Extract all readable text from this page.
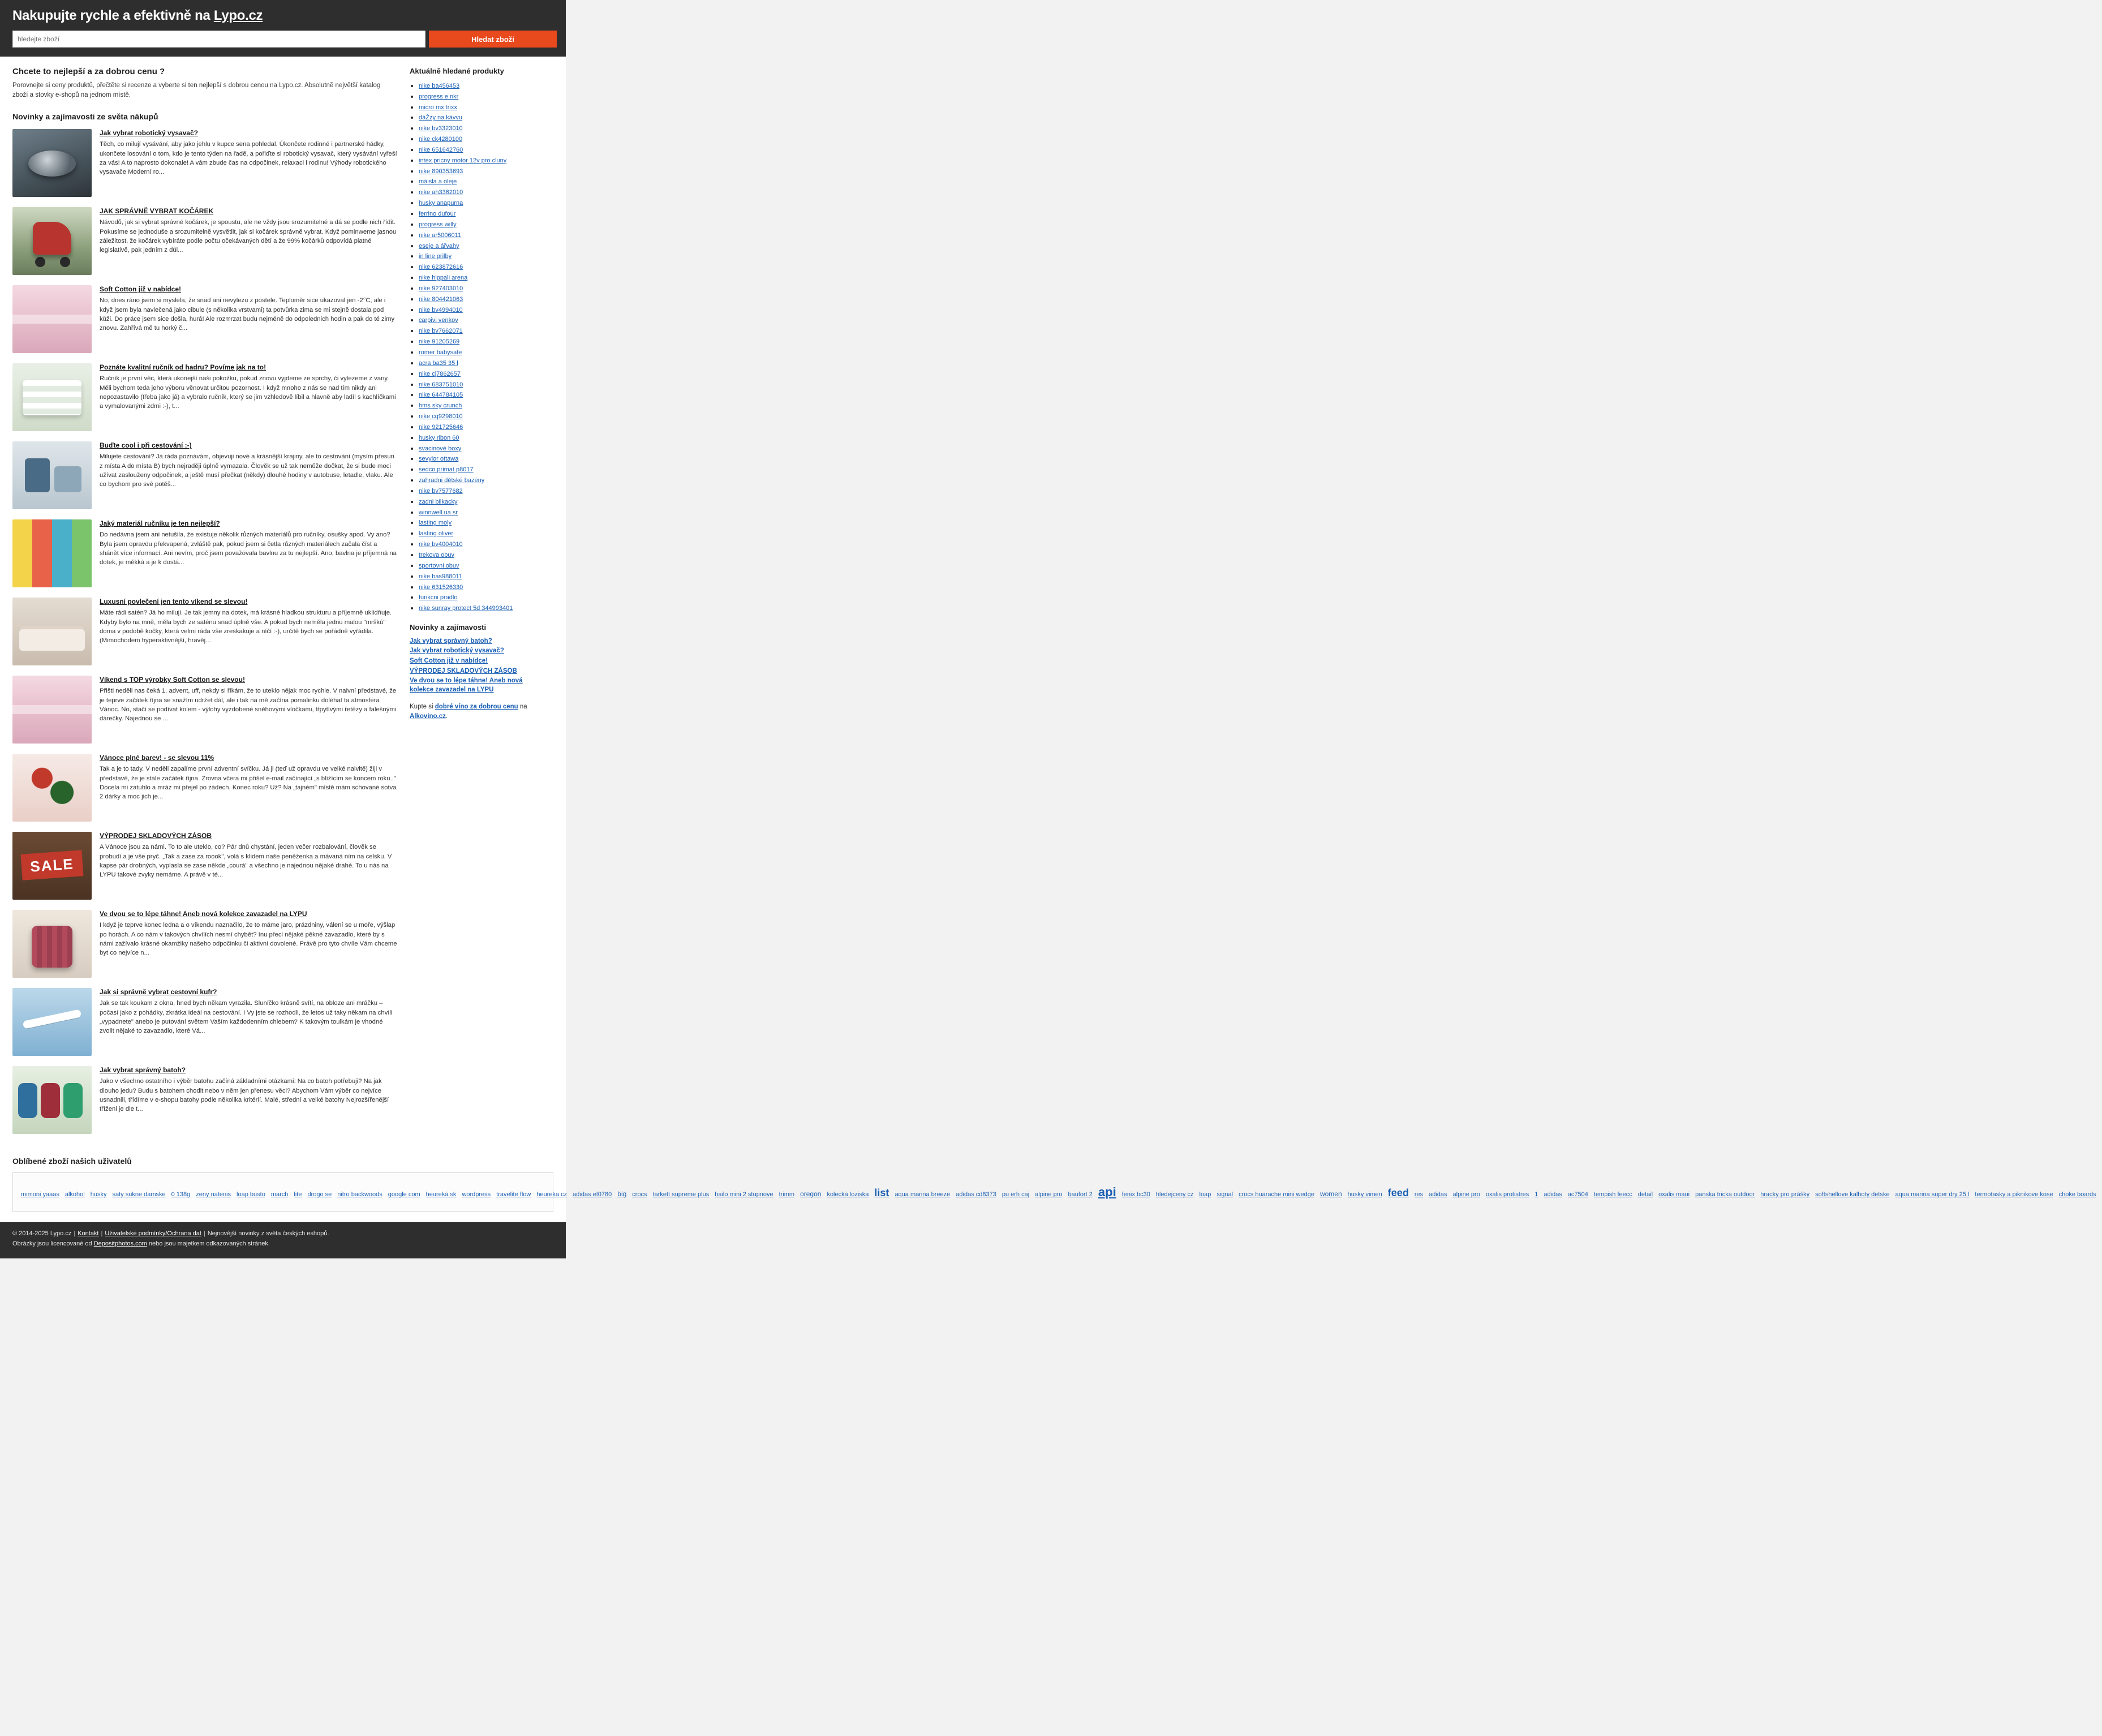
Nakupujte rychle a efektivně na Lypo.cz
hledejte zboží
Hledat zboží
Chcete to nejlepší a za dobrou cenu ?

Porovnejte si ceny produktů, přečtěte si recenze a vyberte si ten nejlepší s dobrou cenou na Lypo.cz. Absolutně největší katalog zboží a stovky e-shopů na jednom místě.

Novinky a zajímavosti ze světa nákupů
Jak vybrat robotický vysavač?

Těch, co milují vysávání, aby jako jehlu v kupce sena pohledal. Úkončete rodinné i partnerské hádky, ukončete losování o tom, kdo je tento týden na řadě, a pořiďte si robotický vysavač, který vysávání vyřeší za vás! A to naprosto dokonale! A vám zbude čas na odpočinek, relaxaci i rodinu! Výhody robotického vysavače Moderní ro...

JAK SPRÁVNĚ VYBRAT KOČÁREK

Návodů, jak si vybrat správné kočárek, je spoustu, ale ne vždy jsou srozumitelné a dá se podle nich řídit. Pokusíme se jednoduše a srozumitelně vysvětlit, jak si kočárek správně vybrat. Když pominweme jasnou záležitost, že kočárek vybíráte podle počtu očekávaných dětí a že 99% kočárků odpovídá platné legislativě, pak jedním z důl...

Soft Cotton již v nabídce!

No, dnes ráno jsem si myslela, že snad ani nevylezu z postele. Teploměr sice ukazoval jen -2°C, ale i když jsem byla navlečená jako cibule (s několika vrstvami) ta potvůrka zima se mi stejně dostala pod kůži. Do práce jsem sice došla, hurá! Ale rozmrzat budu nejméně do odpolednich hodin a pak do té zimy znovu. Zahřívá mě tu horký č...

Poznáte kvalitní ručník od hadru? Povíme jak na to!

Ručník je první věc, která ukonejší naši pokožku, pokud znovu vyjdeme ze sprchy, či vylezeme z vany. Měli bychom teda jeho výboru věnovat určitou pozornost. I když mnoho z nás se nad tím nikdy ani nepozastavilo (třeba jako já) a vybralo ručník, který se jim vzhledově líbil a hlavně aby ladíl s kachlíčkami a vymalovanými zdmi :-), t...

Buďte cool i při cestování :-)

Milujete cestování? Já ráda poznávám, objevuji nové a krásnější krajiny, ale to cestování (mysím přesun z místa A do místa B) bych nejraději úplně vymazala. Člověk se už tak nemůže dočkat, že si bude moci užívat zaslouženy odpočinek, a ještě musí přečkat (někdy) dlouhé hodiny v autobuse, letadle, vlaku. Ale co bychom pro své potěš...

Jaký materiál ručníku je ten nejlepší?

Do nedávna jsem ani netušila, že existuje několik různých materiálů pro ručníky, osušky apod. Vy ano? Byla jsem opravdu překvapená, zvláště pak, pokud jsem si četla různých materiálech začala číst a shánět více informací. Ani nevím, proč jsem považovala bavlnu za tu nejlepší. Ano, bavlna je příjemná na dotek, je měkká a je k dostá...

Luxusní povlečení jen tento víkend se slevou!

Máte rádi satén? Já ho miluji. Je tak jemny na dotek, má krásné hladkou strukturu a příjemně uklidňuje. Kdyby bylo na mně, měla bych ze saténu snad úplně vše. A pokud bych neměla jednu malou "mrškú" doma v podobě kočky, která velmi ráda vše zreskakuje a níčí :-), určitě bych se pořádně vyřádila. (Mimochodem hyperaktivnější, hravěj...

Víkend s TOP výrobky Soft Cotton se slevou!

Přišti neděli nas čeká 1. advent, uff, nekdy si říkám, že to uteklo nějak moc rychle. V naivní představé, že je teprve začátek října se snažím udržet dál, ale i tak na mě začína pomalinku doléhat ta atmosféra Vánoc. No, stačí se podívat kolem - výlohy vyzdobené sněhovými vločkami, třpytívými řetězy a falešnými dárečky. Najednou se ...

Vánoce plné barev! - se slevou 11%

Tak a je to tady. V neděli zapalíme první adventní svíčku. Já ji (teď už opravdu ve velké naivitě) žiji v představě, že je stále začátek října. Zrovna včera mi přišel e-mail začínající „s blížícím se koncem roku.." Docela mi zatuhlo a mráz mi přejel po zádech. Konec roku? Už? Na „tajném" místě mám schované sotva 2 dárky a moc jich je...

SALE
VÝPRODEJ SKLADOVÝCH ZÁSOB

A Vánoce jsou za námi. To to ale uteklo, co? Pár dnů chystání, jeden večer rozbalování, člověk se probudí a je vše pryč. „Tak a zase za roook", volá s klidem naše peněženka a mávaná ním na celsku. V kapse pár drobných, vyplasla se zase někde „courá" a všechno je najednou nějaké drahé. To u nás na LYPU takové zvyky nemáme. A právě v té...

Ve dvou se to lépe táhne! Aneb nová kolekce zavazadel na LYPU

I když je teprve konec ledna a o víkendu naznačilo, že to máme jaro, prázdniny, válení se u moře, výšlap po horách. A co nám v takových chvílích nesmí chybět? Inu přeci nějaké pěkné zavazadlo, které by s námi zažívalo krásné okamžiky našeho odpočinku či aktivní dovolené. Právě pro tyto chvíle Vám chceme byt co nejvíce n...

Jak si správně vybrat cestovní kufr?

Jak se tak koukam z okna, hned bych někam vyrazila. Sluníčko krásně svítí, na obloze ani mráčku – počasí jako z pohádky, zkrátka ideál na cestování. I Vy jste se rozhodli, že letos už taky někam na chvíli „vypadnete" anebo je putování světem Vaším každodenním chlebem? K takovým toulkám je vhodné zvolit nějaké to zavazadlo, které Vá...

Jak vybrat správný batoh?

Jako v všechno ostatního i výběr batohu začíná základními otázkami: Na co batoh potřebuji? Na jak dlouho jedu? Budu s batohem chodit nebo v něm jen přenesu věci? Abychom Vám výběr co nejvíce usnadnili, třídíme v e-shopu batohy podle několika kritérií. Malé, střední a velké batohy Nejrozšířenější tříženi je dle t...

Aktuálně hledané produkty
• nike ba456453
• progress e nkr
• micro mx trixx
• dáŽzy na kávvu
• nike bv3323010
• nike ck4280100
• nike 651642760
• intex pricny motor 12v pro cluny
• nike 890353693
• máisla a oleje
• nike ah3362010
• husky anapurna
• ferrino dufour
• progress willy
• nike ar5006011
• eseje a ářvahy
• in line prilby
• nike 623872616
• nike hippali arena
• nike 927403010
• nike 804421063
• nike bv4994010
• carpivi venkov
• nike bv7662071
• nike 91205269
• romer babysafe
• acra ba35 35 l
• nike cj7862657
• nike 683751010
• nike 644784105
• hms sky crunch
• nike cq9298010
• nike 921725646
• husky ribon 60
• svacinové boxy
• sevylor ottawa
• sedco primat p8017
• zahradni dětské bazény
• nike bv7577682
• zadni bilkacky
• winnwell ua sr
• lasting moly
• lasting oliver
• nike bv4004010
• trekova obuv
• sportovni obuv
• nike bas988011
• nike 631526330
• funkcni pradlo
• nike sunray protect 5d 344993401
Novinky a zajímavosti
Jak vybrat správný batoh?
Jak vybrat robotický vysavač?
Soft Cotton již v nabídce!
VÝPRODEJ SKLADOVÝCH ZÁSOB
Ve dvou se to lépe táhne! Aneb nová kolekce zavazadel na LYPU
Kupte si dobré víno za dobrou cenu na Alkovino.cz.
Oblíbené zboží našich uživatelů
mimoni yaaas alkohol husky saty sukne damske 0 138g zeny natenis loap busto march lite drogo se nitro backwoods google com heureká sk wordpress travelite flow heureka cz adidas ef0780 big crocs tarkett supreme plus hailo mini 2 stupnove trimm oregon kolecká loziska list aqua marina breeze adidas cd8373 pu erh caj alpine pro baufort 2 api fenix bc30 hledejceny cz loap signal crocs huarache mini wedge women husky vimen feed res adidas alpine pro oxalis protistres 1 adidas ac7504 tempish feecc detail oxalis maui panska tricka outdoor hracky pro prášky softshellove kalhoty detske aqua marina super dry 25 l termotasky a piknikove kose choke boards
© 2014-2025 Lypo.cz | Kontakt | Uživatelské podmínky/Ochrana dat | Nejnovější novinky z světa českých eshopů.
Obrázky jsou licencované od Depositphotos.com nebo jsou majetkem odkazovaných stránek.
